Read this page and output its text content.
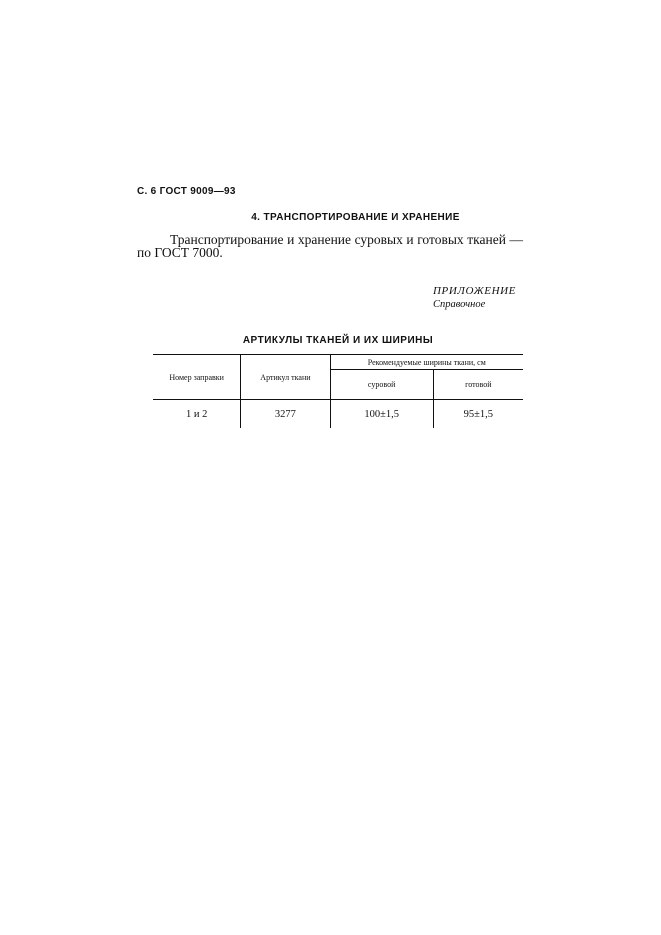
С. 6 ГОСТ 9009—93
4. ТРАНСПОРТИРОВАНИЕ И ХРАНЕНИЕ

Транспортирование и хранение суровых и готовых тканей — по ГОСТ 7000.

ПРИЛОЖЕНИЕ
Справочное
АРТИКУЛЫ ТКАНЕЙ И ИХ ШИРИНЫ
Номер заправки	Артикул ткани	Рекомендуемые ширины ткани, см	
		суровой	готовой
1 и 2	3277	100±1,5	95±1,5
